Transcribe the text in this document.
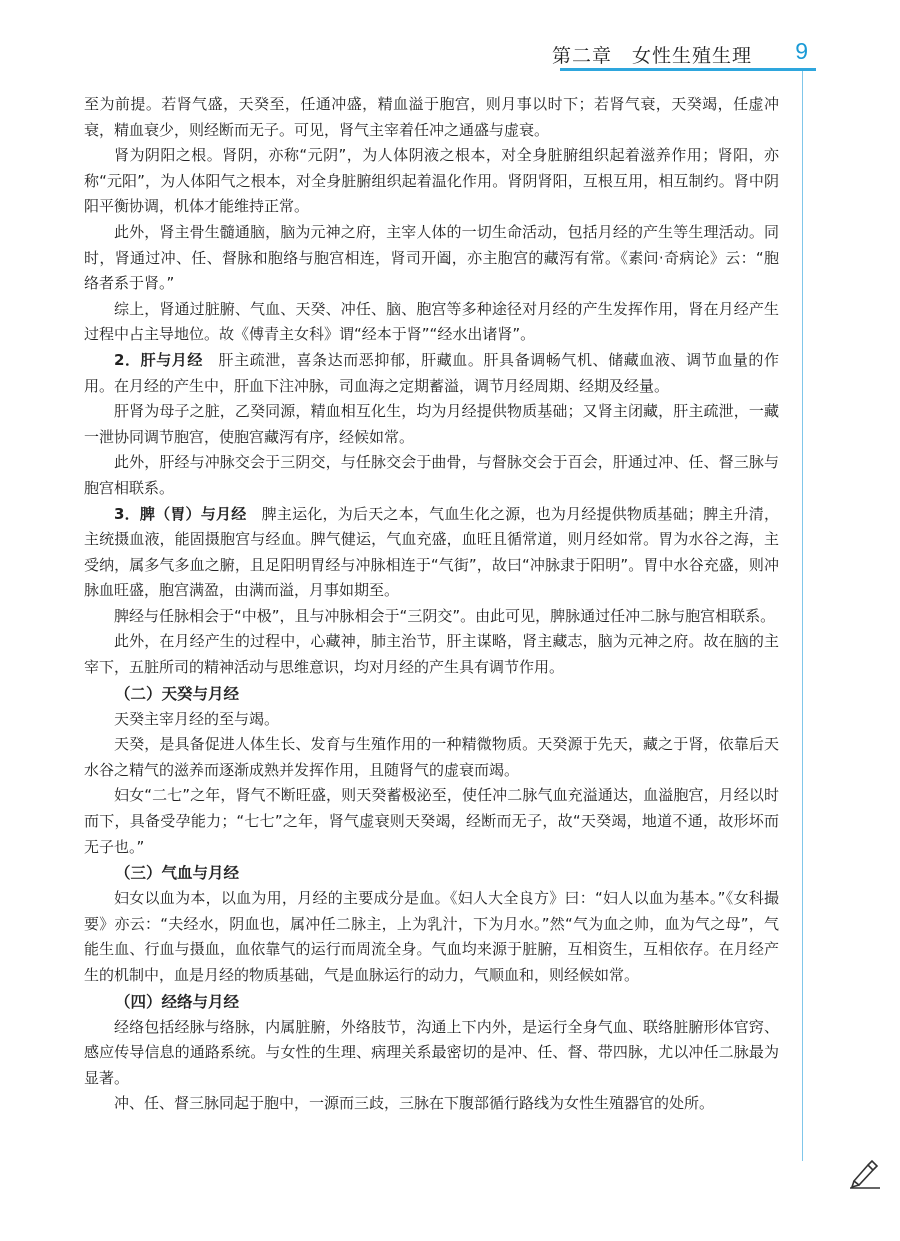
第二章　女性生殖生理 9

至为前提。若肾气盛，天癸至，任通冲盛，精血溢于胞宫，则月事以时下；若肾气衰，天癸竭，任虚冲衰，精血衰少，则经断而无子。可见，肾气主宰着任冲之通盛与虚衰。

肾为阴阳之根。肾阴，亦称“元阴”，为人体阴液之根本，对全身脏腑组织起着滋养作用；肾阳，亦称“元阳”，为人体阳气之根本，对全身脏腑组织起着温化作用。肾阴肾阳，互根互用，相互制约。肾中阴阳平衡协调，机体才能维持正常。

此外，肾主骨生髓通脑，脑为元神之府，主宰人体的一切生命活动，包括月经的产生等生理活动。同时，肾通过冲、任、督脉和胞络与胞宫相连，肾司开阖，亦主胞宫的藏泻有常。《素问·奇病论》云：“胞络者系于肾。”

综上，肾通过脏腑、气血、天癸、冲任、脑、胞宫等多种途径对月经的产生发挥作用，肾在月经产生过程中占主导地位。故《傅青主女科》谓“经本于肾”“经水出诸肾”。

2．肝与月经　肝主疏泄，喜条达而恶抑郁，肝藏血。肝具备调畅气机、储藏血液、调节血量的作用。在月经的产生中，肝血下注冲脉，司血海之定期蓄溢，调节月经周期、经期及经量。

肝肾为母子之脏，乙癸同源，精血相互化生，均为月经提供物质基础；又肾主闭藏，肝主疏泄，一藏一泄协同调节胞宫，使胞宫藏泻有序，经候如常。

此外，肝经与冲脉交会于三阴交，与任脉交会于曲骨，与督脉交会于百会，肝通过冲、任、督三脉与胞宫相联系。

3．脾（胃）与月经　脾主运化，为后天之本，气血生化之源，也为月经提供物质基础；脾主升清，主统摄血液，能固摄胞宫与经血。脾气健运，气血充盛，血旺且循常道，则月经如常。胃为水谷之海，主受纳，属多气多血之腑，且足阳明胃经与冲脉相连于“气街”，故曰“冲脉隶于阳明”。胃中水谷充盛，则冲脉血旺盛，胞宫满盈，由满而溢，月事如期至。

脾经与任脉相会于“中极”，且与冲脉相会于“三阴交”。由此可见，脾脉通过任冲二脉与胞宫相联系。

此外，在月经产生的过程中，心藏神，肺主治节，肝主谋略，肾主藏志，脑为元神之府。故在脑的主宰下，五脏所司的精神活动与思维意识，均对月经的产生具有调节作用。

（二）天癸与月经

天癸主宰月经的至与竭。

天癸，是具备促进人体生长、发育与生殖作用的一种精微物质。天癸源于先天，藏之于肾，依靠后天水谷之精气的滋养而逐渐成熟并发挥作用，且随肾气的虚衰而竭。

妇女“二七”之年，肾气不断旺盛，则天癸蓄极泌至，使任冲二脉气血充溢通达，血溢胞宫，月经以时而下，具备受孕能力；“七七”之年，肾气虚衰则天癸竭，经断而无子，故“天癸竭，地道不通，故形坏而无子也。”

（三）气血与月经

妇女以血为本，以血为用，月经的主要成分是血。《妇人大全良方》曰：“妇人以血为基本。”《女科撮要》亦云：“夫经水，阴血也，属冲任二脉主，上为乳汁，下为月水。”然“气为血之帅，血为气之母”，气能生血、行血与摄血，血依靠气的运行而周流全身。气血均来源于脏腑，互相资生，互相依存。在月经产生的机制中，血是月经的物质基础，气是血脉运行的动力，气顺血和，则经候如常。

（四）经络与月经

经络包括经脉与络脉，内属脏腑，外络肢节，沟通上下内外，是运行全身气血、联络脏腑形体官窍、感应传导信息的通路系统。与女性的生理、病理关系最密切的是冲、任、督、带四脉，尤以冲任二脉最为显著。

冲、任、督三脉同起于胞中，一源而三歧，三脉在下腹部循行路线为女性生殖器官的处所。
